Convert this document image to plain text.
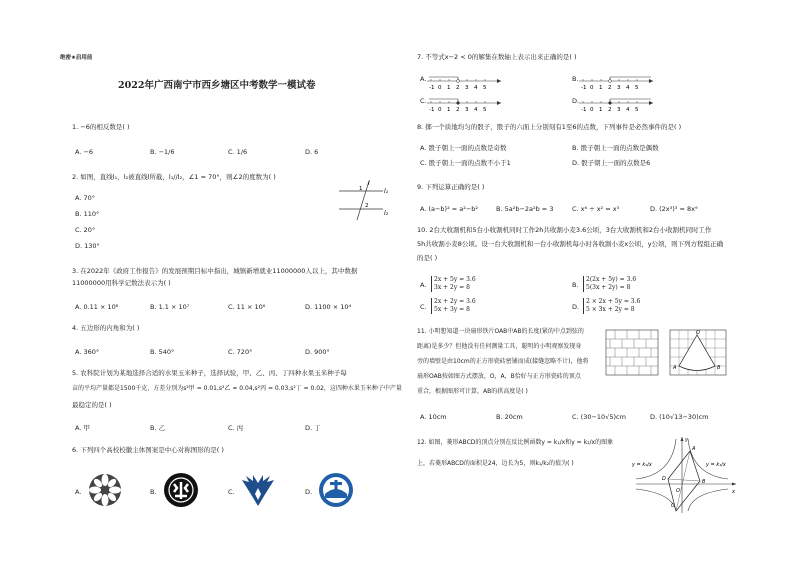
绝密★启用前
2022年广西南宁市西乡塘区中考数学一模试卷
1. −6的相反数是( )
A. −6	B. −1/6	C. 1/6	D. 6
2. 如图，直线l₁，l₂被直线l所截，l₁//l₂，∠1 = 70°，则∠2的度数为( )
A. 70°
B. 110°
C. 20°
D. 130°
l
l₁
l₂
1
2
3. 在2022年《政府工作报告》的发展预期目标中指出，城镇新增就业11000000人以上，其中数据
11000000用科学记数法表示为( )
A. 0.11 × 10⁸	B. 1.1 × 10⁷	C. 11 × 10⁶	D. 1100 × 10⁴
4. 五边形的内角和为( )
A. 360°	B. 540°	C. 720°	D. 900°
5. 农科院计划为某地选择合适的水果玉米种子，选择试验，甲、乙、丙、丁四种水果玉米种子每
亩的平均产量都是1500千克，方差分别为s²甲 = 0.01,s²乙 = 0.04,s²丙 = 0.03,s²丁 = 0.02，这四种水果玉米种子中产量
最稳定的是( )
A. 甲	B. 乙	C. 丙	D. 丁
6. 下列四个高校校徽主体图案是中心对称图形的是( )
A.	B.	C.	D.
7. 不等式x−2 < 0的解集在数轴上表示出来正确的是( )
A.	B.
C.	D.
-1 0 1 2 3 4 5	-1 0 1 2 3 4 5
-1 0 1 2 3 4 5	-1 0 1 2 3 4 5
8. 掷一个质地均匀的骰子，骰子的六面上分别刻有1至6的点数，下列事件是必然事件的是( )
A. 骰子朝上一面的点数是奇数	B. 骰子朝上一面的点数是偶数
C. 骰子朝上一面的点数不小于1	D. 骰子朝上一面的点数是6
9. 下列运算正确的是( )
A. (a−b)² = a²−b²	B. 5a²b−2a²b = 3	C. x⁶ ÷ x² = x³	D. (2x³)³ = 8x⁹
10. 2台大收割机和5台小收割机同时工作2h共收割小麦3.6公顷，3台大收割机和2台小收割机同时工作
5h共收割小麦8公顷。设一台大收割机和一台小收割机每小时各收割小麦x公顷，y公顷，则下列方程组正确
的是( )
A.	B.
C.	D.
2x + 5y = 3.6
3x + 2y = 8
2(2x + 5y) = 3.6
5(3x + 2y) = 8
2x + 2y = 3.6
5x + 3y = 8
2 × 2x + 5y = 3.6
5 × 3x + 2y = 8
11. 小明想知道一块扇形铁片OAB中AB的长度(紧的中点到弦的
距离)是多少？但他没有任何测量工具，聪明的小明观察发现身
旁的墙壁是由10cm的正方形瓷砖密铺而成(接缝忽略不计)，他将
扇形OAB按如图方式摆放，O，A，B恰好与正方形瓷砖的顶点
重合，根据图形可计算，AB的拱高度是( )
O
A	B
A. 10cm	B. 20cm	C. (30−10√5)cm	D. (10√13−30)cm
12. 如图，菱形ABCD的顶点分别在反比例函数y = k₁/x和y = k₂/x的图象
上，若菱形ABCD的面积是24，边长为5，则k₁/k₂的值为( )
y
x
O
A
B
C
D
y = k₂/x	y = k₁/x
